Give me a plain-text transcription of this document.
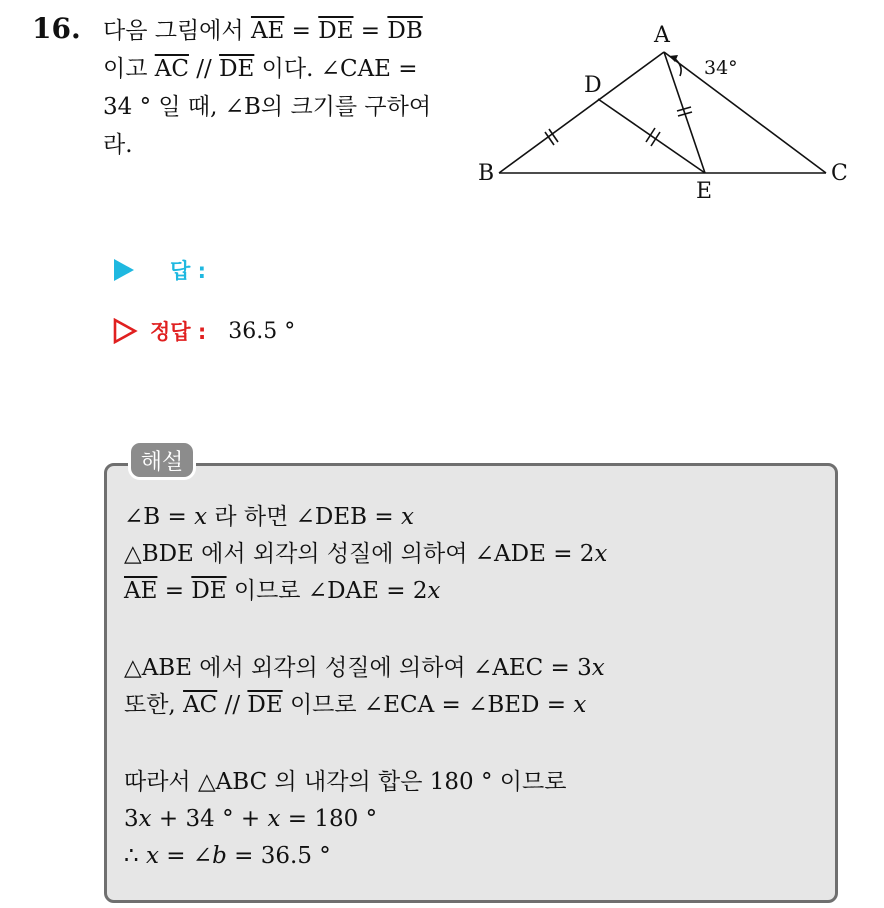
16. 다음 그림에서 $\overline{AE} = \overline{DE} = \overline{DB}$
이고 $\overline{AC} // \overline{DE}$ 이다. ∠CAE =
34 ° 일 때, ∠B의 크기를 구하여
라.
A
B	C
D
E
34°
답 :
정답 : 36.5 °
해설
∠B = x 라 하면 ∠DEB = x
△BDE 에서 외각의 성질에 의하여 ∠ADE = 2x
$\overline{AE} = \overline{DE}$ 이므로 ∠DAE = 2x
△ABE 에서 외각의 성질에 의하여 ∠AEC = 3x
또한, $\overline{AC} // \overline{DE}$ 이므로 ∠ECA = ∠BED = x
따라서 △ABC 의 내각의 합은 180 ° 이므로
3x + 34 ° + x = 180 °
∴ x = ∠b = 36.5 °
